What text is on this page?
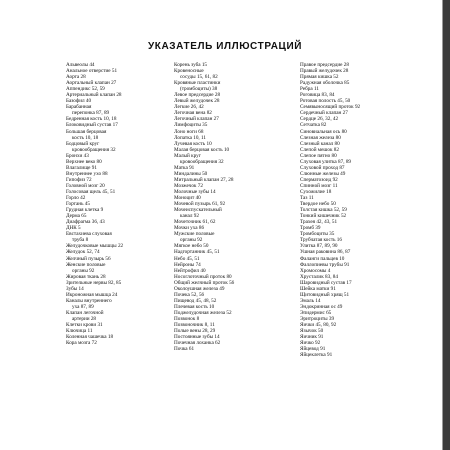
УКАЗАТЕЛЬ ИЛЛЮСТРАЦИЙ
Альвеолы 44
Анальное отверстие 51
Аорта 28
Аортальный клапан 27
Аппендикс 52, 59
Артериальный клапан 28
Базофил 40
Барабанная
перепонка 87, 89
Бедренная кость 10, 18
Блоковидный сустав 17
Большая берцовая
кость 10, 18
Бодцовый круг
кровообращения 32
Бронхи 43
Верхнее веко 80
Влагалище 91
Внутреннее ухо 88
Гипофиз 72
Головной мозг 20
Голосовая щель 45, 51
Горло 42
Гортань 45
Грудная клетка 9
Дерма 65
Диафрагма 36, 43
ДНК 5
Евстахиева слуховая
труба 8
Желудочковые мышцы 22
Желудок 52, 74
Желчный пузырь 56
Женские половые
органы 92
Жировая ткань 28
Зрительные нервы 82, 85
Зубы 14
Икроножная мышца 24
Каналы внутреннего
уха 87, 89
Клапан легочной
артерии 28
Клетки крови 31
Ключица 11
Коленная чашечка 18
Кора мозга 72
Корень зуба 15
Кровеносные
сосуды 15, 61, 82
Кровяные пластинки
(тромбоциты) 38
Левое предсердие 28
Левый желудочек 28
Легкие 26, 42
Легочная вена 82
Легочный клапан 27
Лимфоциты 35
Лоно ноги 68
Лопатка 10, 11
Лучевая кость 10
Малая берцовая кость 10
Малый круг
кровообращения 32
Матка 91
Миндалины 50
Митральный клапан 27, 28
Мозжечок 72
Молочные зубы 14
Моноцит 40
Мочевой пузырь 61, 92
Мочеиспускательный
канал 92
Мочеточник 61, 62
Мочки уха 86
Мужские половые
органы 92
Мягкое небо 50
Надгортанник 45, 51
Небо 45, 51
Нейроны 74
Нейтрофил 40
Носоглоточный проток 80
Общий желчный проток 56
Околоушная железа 49
Почека 52, 56
Пищевод 45, 48, 52
Плечевая кость 10
Поджелудочная железа 52
Позвонок 8
Позвоночник 8, 11
Полые вены 28, 29
Постоянные зубы 14
Почечная лоханка 62
Почка 61
Правое предсердие 28
Правый желудочек 28
Прямая кишка 52
Радужная оболочка 85
Ребра 11
Роговица 83, 84
Ротовая полость 45, 50
Семявыносящий проток 92
Сердечный клапан 27
Сердце 26, 32, 42
Сетчатка 82
Синовиальная ось 80
Слезная железа 80
Слезный канал 80
Слепой мешок 82
Слепое пятно 80
Слуховая улитка 87, 89
Слуховой проход 87
Слюнные железы 49
Сперматозоид 92
Спинной мозг 11
Сухожилие 18
Таз 11
Твердое небо 50
Толстая кишка 52, 59
Тонкий кишечник 52
Трахея 42, 43, 51
Тромб 39
Тромбоциты 35
Трубчатая кость 16
Улитка 87, 89, 90
Ушная раковина 86, 87
Фаланги пальцев 10
Фаллопиевы трубы 91
Хромосомы 4
Хрусталик 83, 84
Шаровидный сустав 17
Шейка матки 91
Щитовидный хрящ 51
Эмаль 14
Эндокринная ос 49
Эпидермис 65
Эритроциты 39
Яички 45, 80, 92
Язычок 50
Яичник 91
Яичко 92
Яйцевод 91
Яйцеклетка 91
